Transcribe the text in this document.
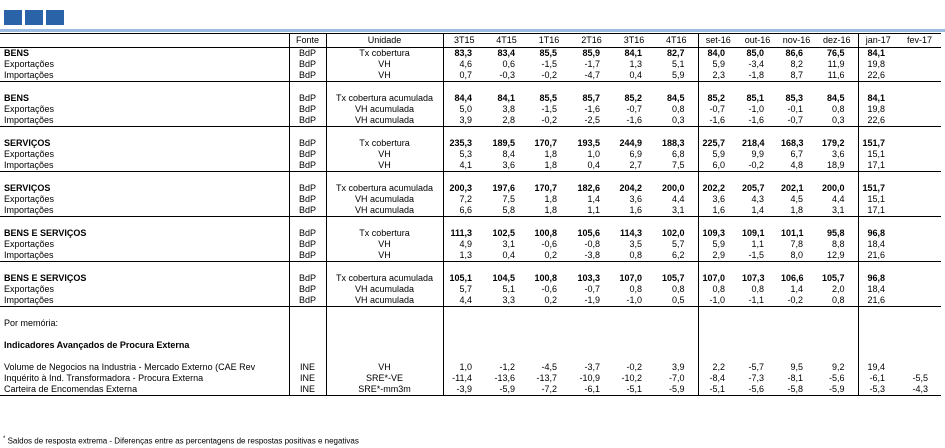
	Fonte	Unidade	3T15	4T15	1T16	2T16	3T16	4T16	set-16	out-16	nov-16	dez-16	jan-17	fev-17
BENS	BdP	Tx cobertura	83,3	83,4	85,5	85,9	84,1	82,7	84,0	85,0	86,6	76,5	84,1	
Exportações	BdP	VH	4,6	0,6	-1,5	-1,7	1,3	5,1	5,9	-3,4	8,2	11,9	19,8	
Importações	BdP	VH	0,7	-0,3	-0,2	-4,7	0,4	5,9	2,3	-1,8	8,7	11,6	22,6	

BENS	BdP	Tx cobertura acumulada	84,4	84,1	85,5	85,7	85,2	84,5	85,2	85,1	85,3	84,5	84,1	
Exportações	BdP	VH acumulada	5,0	3,8	-1,5	-1,6	-0,7	0,8	-0,7	-1,0	-0,1	0,8	19,8	
Importações	BdP	VH acumulada	3,9	2,8	-0,2	-2,5	-1,6	0,3	-1,6	-1,6	-0,7	0,3	22,6	

SERVIÇOS	BdP	Tx cobertura	235,3	189,5	170,7	193,5	244,9	188,3	225,7	218,4	168,3	179,2	151,7	
Exportações	BdP	VH	5,3	8,4	1,8	1,0	6,9	6,8	5,9	9,9	6,7	3,6	15,1	
Importações	BdP	VH	4,1	3,6	1,8	0,4	2,7	7,5	6,0	-0,2	4,8	18,9	17,1	

SERVIÇOS	BdP	Tx cobertura acumulada	200,3	197,6	170,7	182,6	204,2	200,0	202,2	205,7	202,1	200,0	151,7	
Exportações	BdP	VH acumulada	7,2	7,5	1,8	1,4	3,6	4,4	3,6	4,3	4,5	4,4	15,1	
Importações	BdP	VH acumulada	6,6	5,8	1,8	1,1	1,6	3,1	1,6	1,4	1,8	3,1	17,1	

BENS E SERVIÇOS	BdP	Tx cobertura	111,3	102,5	100,8	105,6	114,3	102,0	109,3	109,1	101,1	95,8	96,8	
Exportações	BdP	VH	4,9	3,1	-0,6	-0,8	3,5	5,7	5,9	1,1	7,8	8,8	18,4	
Importações	BdP	VH	1,3	0,4	0,2	-3,8	0,8	6,2	2,9	-1,5	8,0	12,9	21,6	

BENS E SERVIÇOS	BdP	Tx cobertura acumulada	105,1	104,5	100,8	103,3	107,0	105,7	107,0	107,3	106,6	105,7	96,8	
Exportações	BdP	VH acumulada	5,7	5,1	-0,6	-0,7	0,8	0,8	0,8	0,8	1,4	2,0	18,4	
Importações	BdP	VH acumulada	4,4	3,3	0,2	-1,9	-1,0	0,5	-1,0	-1,1	-0,2	0,8	21,6	

Por memória:														

Indicadores Avançados de Procura Externa														

Volume de Negocios na Industria - Mercado Externo (CAE Rev	INE	VH	1,0	-1,2	-4,5	-3,7	-0,2	3,9	2,2	-5,7	9,5	9,2	19,4	
Inquérito à Ind. Transformadora - Procura Externa	INE	SRE*-VE	-11,4	-13,6	-13,7	-10,9	-10,2	-7,0	-8,4	-7,3	-8,1	-5,6	-6,1	-5,5
Carteira de Encomendas Externa	INE	SRE*-mm3m	-3,9	-5,9	-7,2	-6,1	-5,1	-5,9	-5,1	-5,6	-5,8	-5,9	-5,3	-4,3
* Saldos de resposta extrema - Diferenças entre as percentagens de respostas positivas e negativas
